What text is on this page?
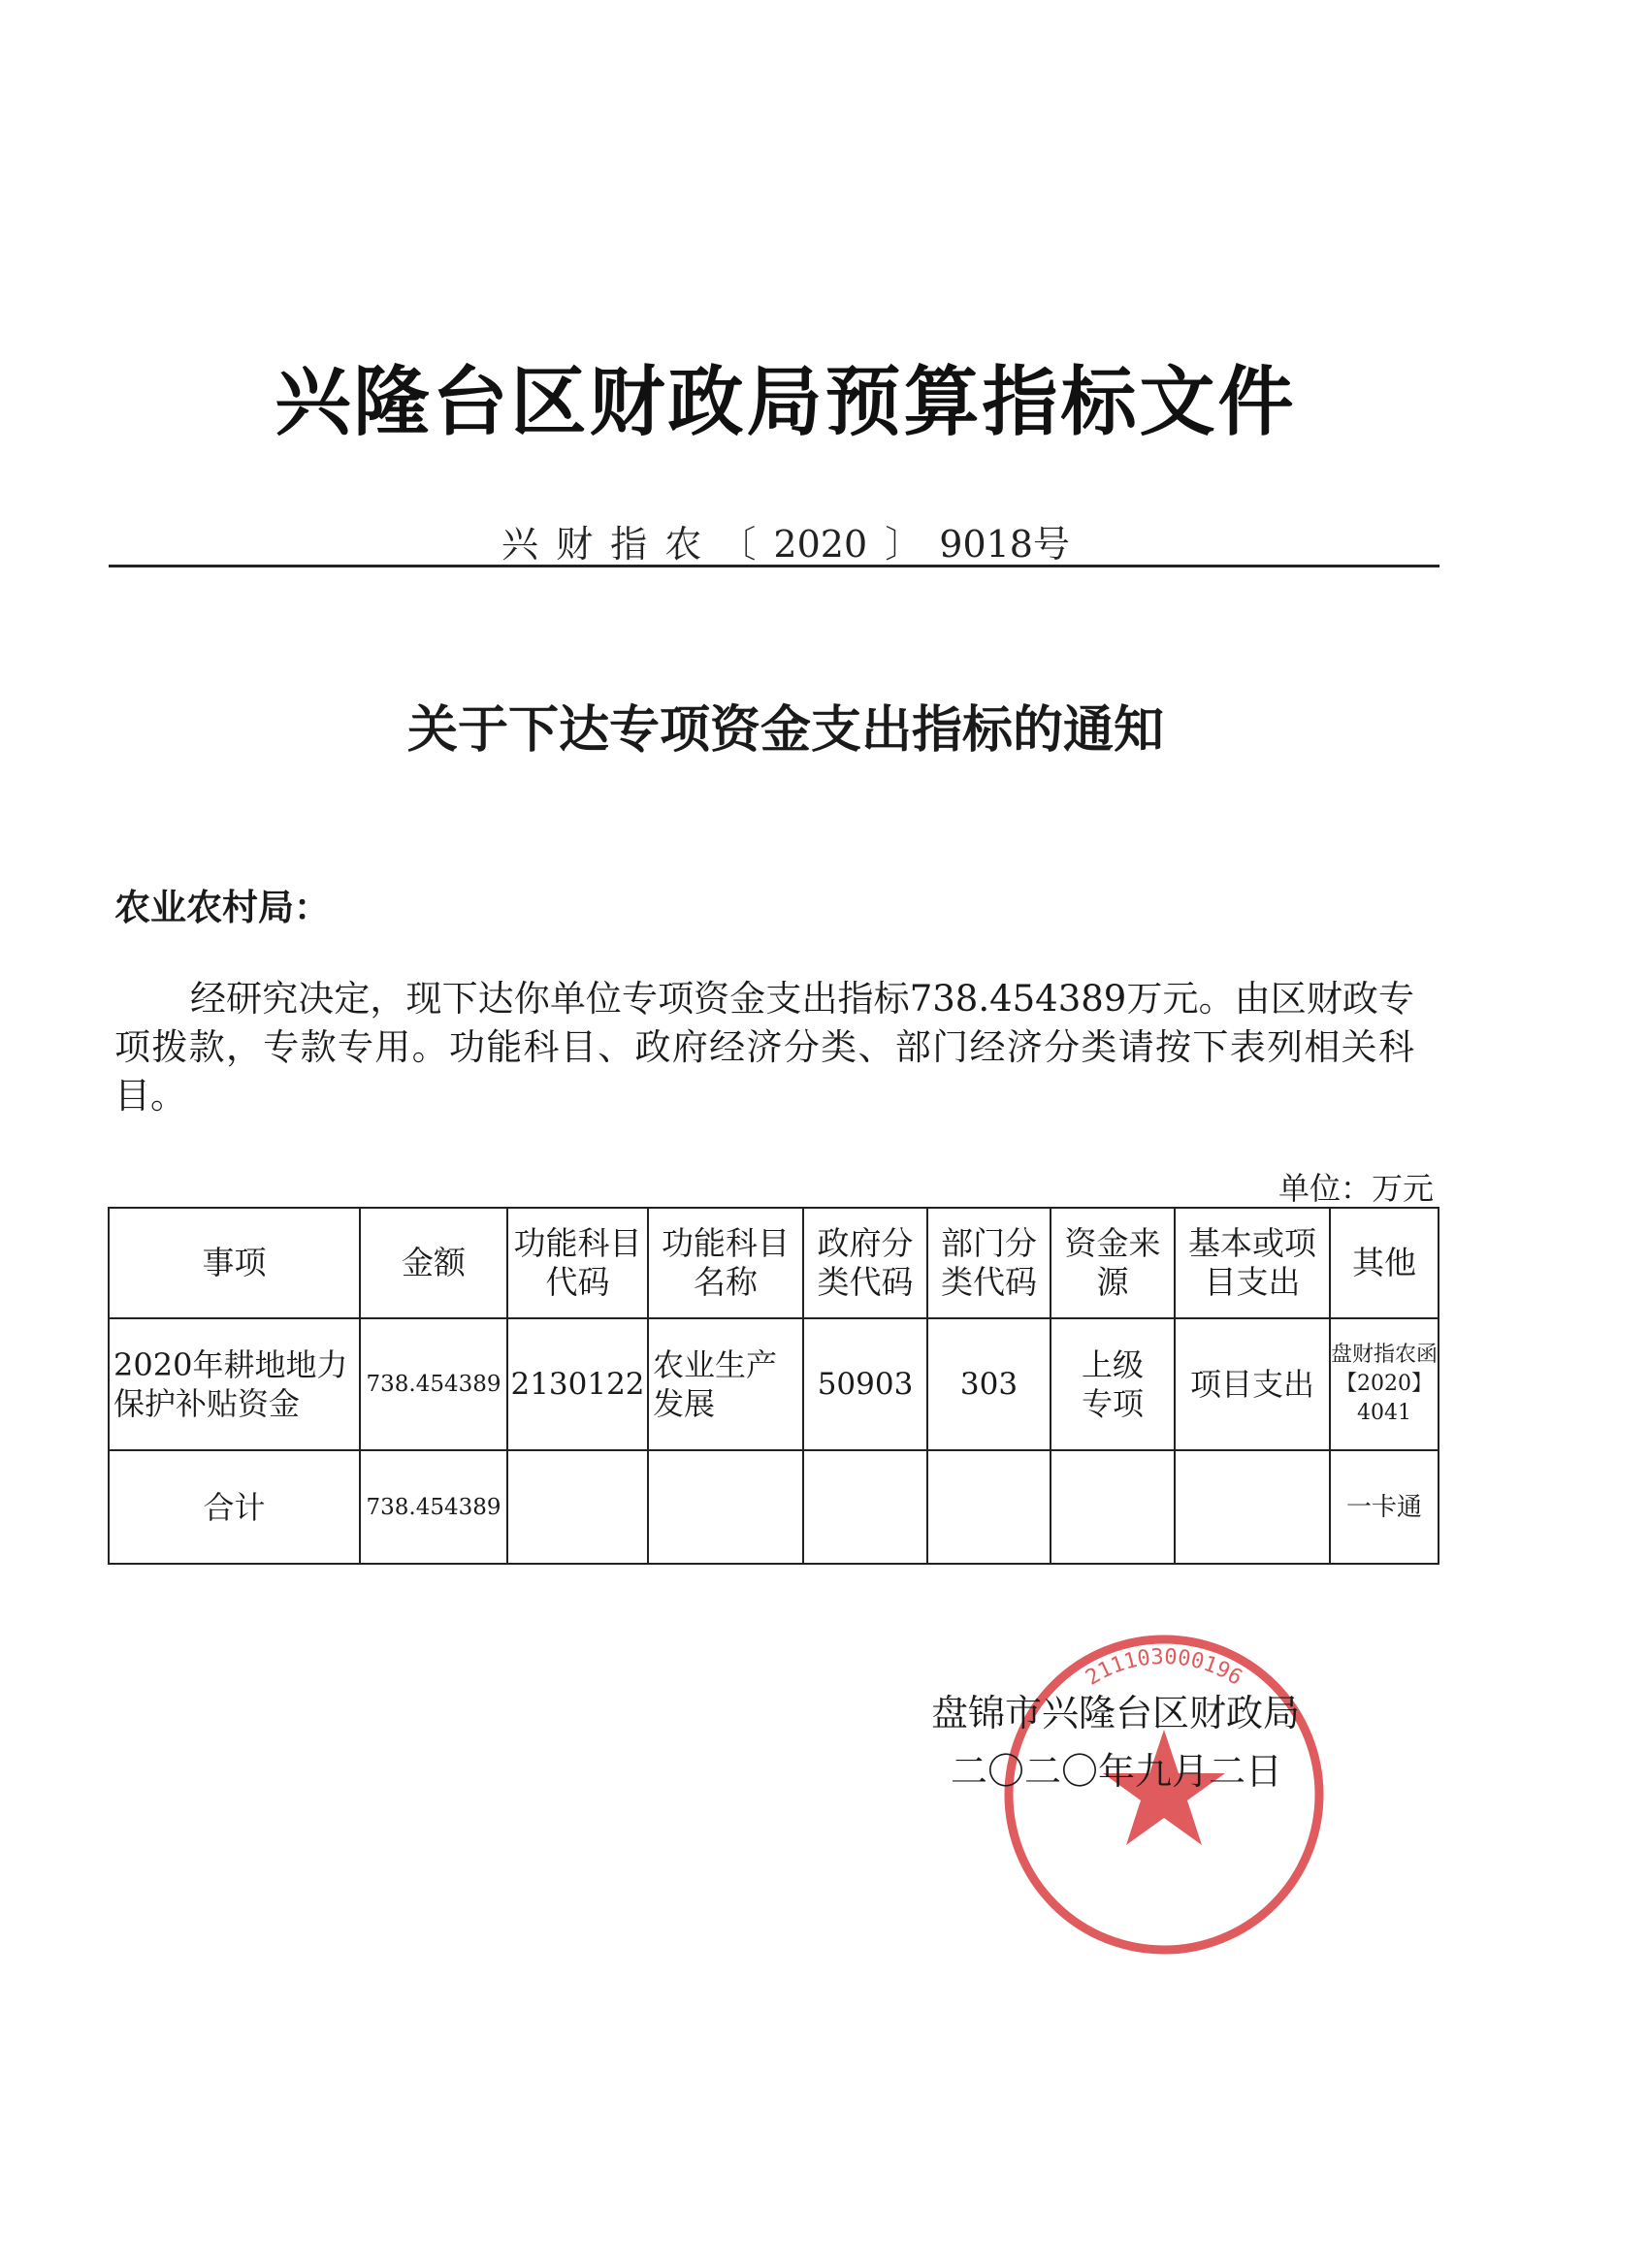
兴隆台区财政局预算指标文件
兴 财 指 农 〔 2020 〕 9018号
关于下达专项资金支出指标的通知
农业农村局：
经研究决定，现下达你单位专项资金支出指标738.454389万元。由区财政专项拨款，专款专用。功能科目、政府经济分类、部门经济分类请按下表列相关科目。
单位：万元
事项	金额	功能科目代码	功能科目名称	政府分类代码	部门分类代码	资金来源	基本或项目支出	其他
2020年耕地地力保护补贴资金	738.454389	2130122	农业生产发展	50903	303	上级专项	项目支出	盘财指农函【2020】4041
合计	738.454389							一卡通
211103000196
盘锦市兴隆台区财政局
二〇二〇年九月二日
